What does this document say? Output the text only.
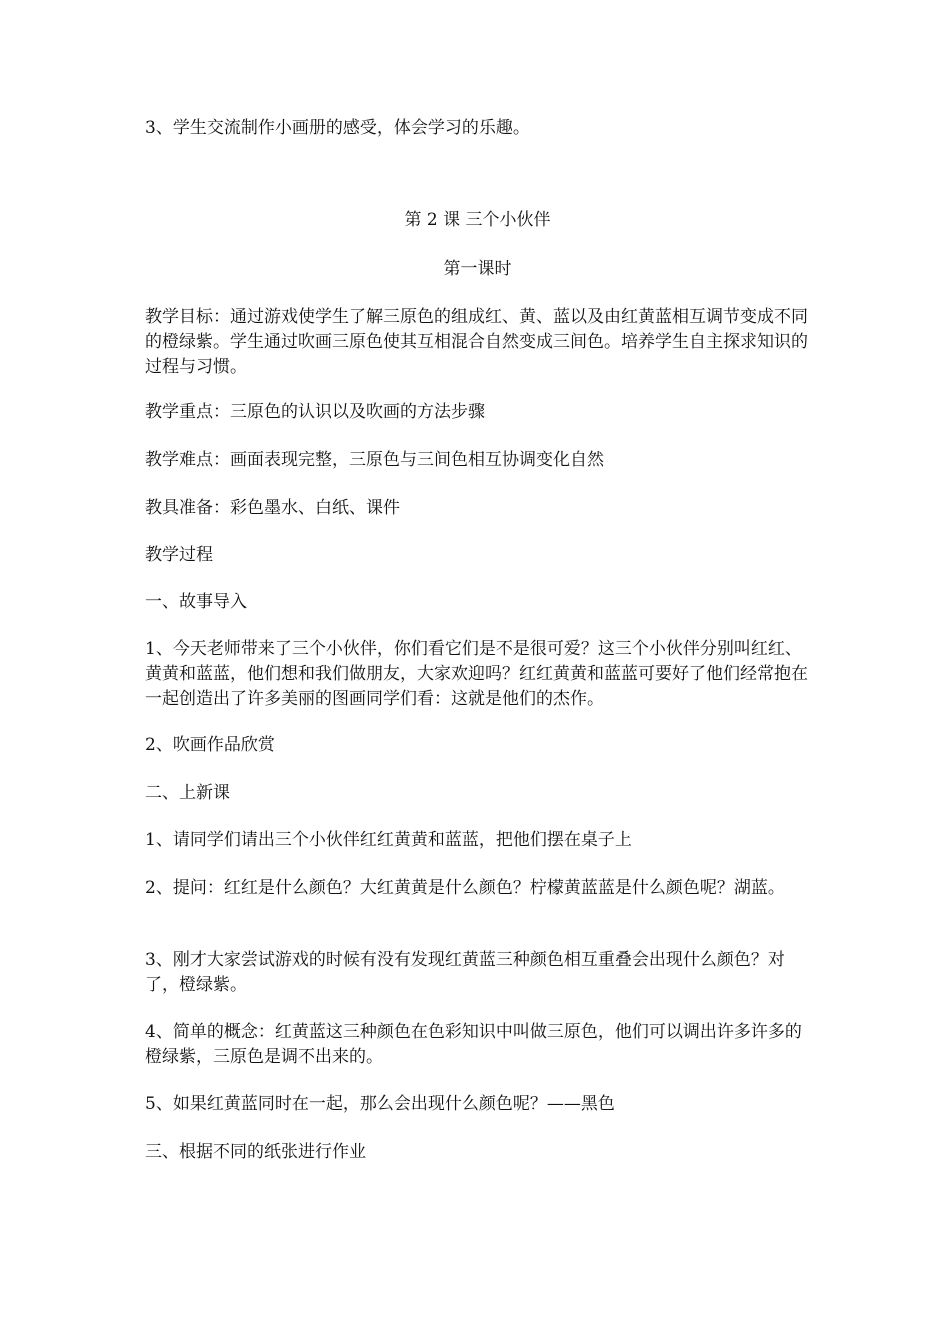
3、学生交流制作小画册的感受，体会学习的乐趣。

第 2 课 三个小伙伴

第一课时

教学目标：通过游戏使学生了解三原色的组成红、黄、蓝以及由红黄蓝相互调节变成不同的橙绿紫。学生通过吹画三原色使其互相混合自然变成三间色。培养学生自主探求知识的过程与习惯。

教学重点：三原色的认识以及吹画的方法步骤

教学难点：画面表现完整，三原色与三间色相互协调变化自然

教具准备：彩色墨水、白纸、课件

教学过程

一、故事导入

1、今天老师带来了三个小伙伴，你们看它们是不是很可爱？这三个小伙伴分别叫红红、黄黄和蓝蓝，他们想和我们做朋友，大家欢迎吗？红红黄黄和蓝蓝可要好了他们经常抱在一起创造出了许多美丽的图画同学们看：这就是他们的杰作。

2、吹画作品欣赏

二、上新课

1、请同学们请出三个小伙伴红红黄黄和蓝蓝，把他们摆在桌子上

2、提问：红红是什么颜色？大红黄黄是什么颜色？柠檬黄蓝蓝是什么颜色呢？湖蓝。

3、刚才大家尝试游戏的时候有没有发现红黄蓝三种颜色相互重叠会出现什么颜色？对了，橙绿紫。

4、简单的概念：红黄蓝这三种颜色在色彩知识中叫做三原色，他们可以调出许多许多的橙绿紫，三原色是调不出来的。

5、如果红黄蓝同时在一起，那么会出现什么颜色呢？——黑色

三、根据不同的纸张进行作业
